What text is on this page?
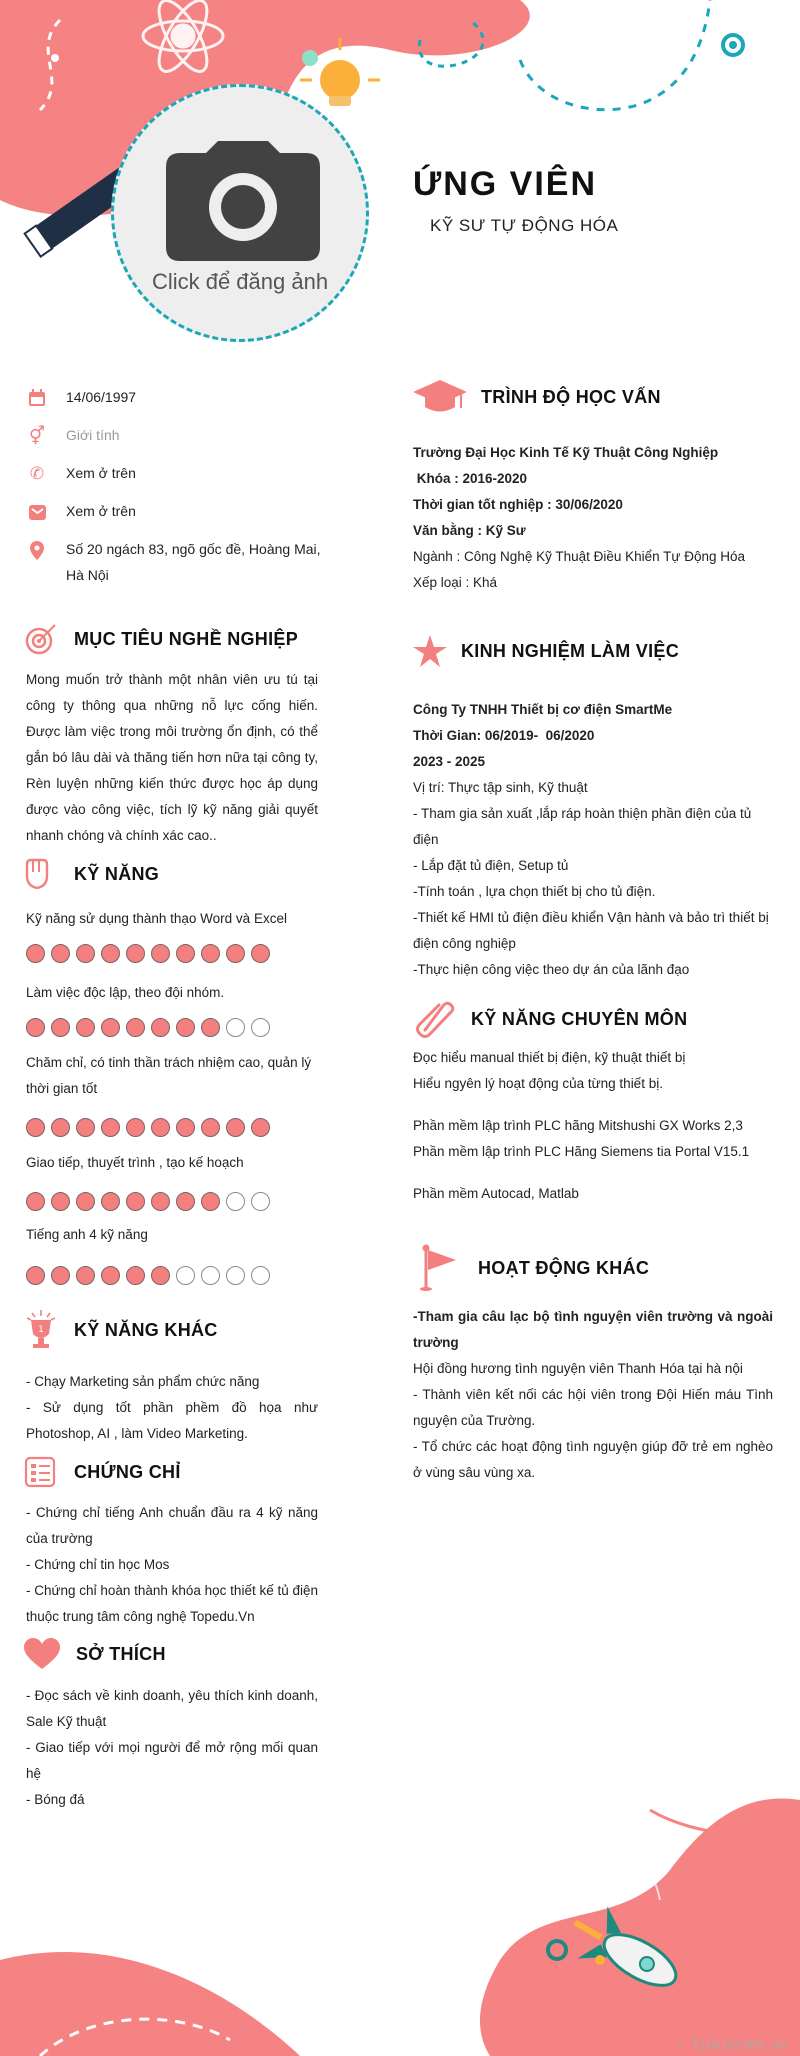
Click để đăng ảnh
ỨNG VIÊN
KỸ SƯ TỰ ĐỘNG HÓA
14/06/1997
⚥ Giới tính
✆ Xem ở trên
Xem ở trên
Số 20 ngách 83, ngõ gốc đề, Hoàng Mai, Hà Nội
MỤC TIÊU NGHỀ NGHIỆP
Mong muốn trở thành một nhân viên ưu tú tại công ty thông qua những nỗ lực cống hiến. Được làm việc trong môi trường ổn định, có thể gắn bó lâu dài và thăng tiến hơn nữa tại công ty, Rèn luyện những kiến thức được học áp dụng được vào công việc, tích lỹ kỹ năng giải quyết nhanh chóng và chính xác cao..
KỸ NĂNG
Kỹ năng sử dụng thành thạo Word và Excel
Làm việc độc lập, theo đội nhóm.
Chăm chỉ, có tinh thần trách nhiệm cao, quản lý thời gian tốt
Giao tiếp, thuyết trình , tạo kế hoạch
Tiếng anh 4 kỹ năng
1 KỸ NĂNG KHÁC
- Chạy Marketing sản phẩm chức năng
- Sử dụng tốt phần phềm đồ họa như Photoshop, AI , làm Video Marketing.
CHỨNG CHỈ
- Chứng chỉ tiếng Anh chuẩn đầu ra 4 kỹ năng của trường
- Chứng chỉ tin học Mos
- Chứng chỉ hoàn thành khóa học thiết kế tủ điện thuộc trung tâm công nghệ Topedu.Vn
SỞ THÍCH
- Đọc sách về kinh doanh, yêu thích kinh doanh, Sale Kỹ thuật
- Giao tiếp với mọi người để mở rộng mối quan hệ
- Bóng đá
TRÌNH ĐỘ HỌC VẤN
Trường Đại Học Kinh Tế Kỹ Thuật Công Nghiệp
Khóa : 2016-2020
Thời gian tốt nghiệp : 30/06/2020
Văn bằng : Kỹ Sư
Ngành : Công Nghệ Kỹ Thuật Điều Khiển Tự Động Hóa
Xếp loại : Khá
KINH NGHIỆM LÀM VIỆC
Công Ty TNHH Thiết bị cơ điện SmartMe
Thời Gian: 06/2019-  06/2020
2023 - 2025
Vị trí: Thực tập sinh, Kỹ thuật
- Tham gia sản xuất ,lắp ráp hoàn thiện phần điện của tủ điện
- Lắp đặt tủ điện, Setup tủ
-Tính toán , lựa chọn thiết bị cho tủ điện.
-Thiết kế HMI tủ điện điều khiển Vận hành và bảo trì thiết bị điện công nghiệp
-Thực hiện công việc theo dự án của lãnh đạo
KỸ NĂNG CHUYÊN MÔN
Đọc hiểu manual thiết bị điện, kỹ thuật thiết bị
Hiểu ngyên lý hoạt động của từng thiết bị.
Phần mềm lập trình PLC hãng Mitshushi GX Works 2,3
Phần mềm lập trình PLC Hãng Siemens tia Portal V15.1
Phần mềm Autocad, Matlab
HOẠT ĐỘNG KHÁC
-Tham gia câu lạc bộ tình nguyện viên trường và ngoài trường
Hội đồng hương tình nguyện viên Thanh Hóa tại hà nội
- Thành viên kết nối các hội viên trong Đội Hiến máu Tình nguyện của Trường.
- Tổ chức các hoạt động tình nguyện giúp đỡ trẻ em nghèo ở vùng sâu vùng xa.
∴ Timviec365.vn
